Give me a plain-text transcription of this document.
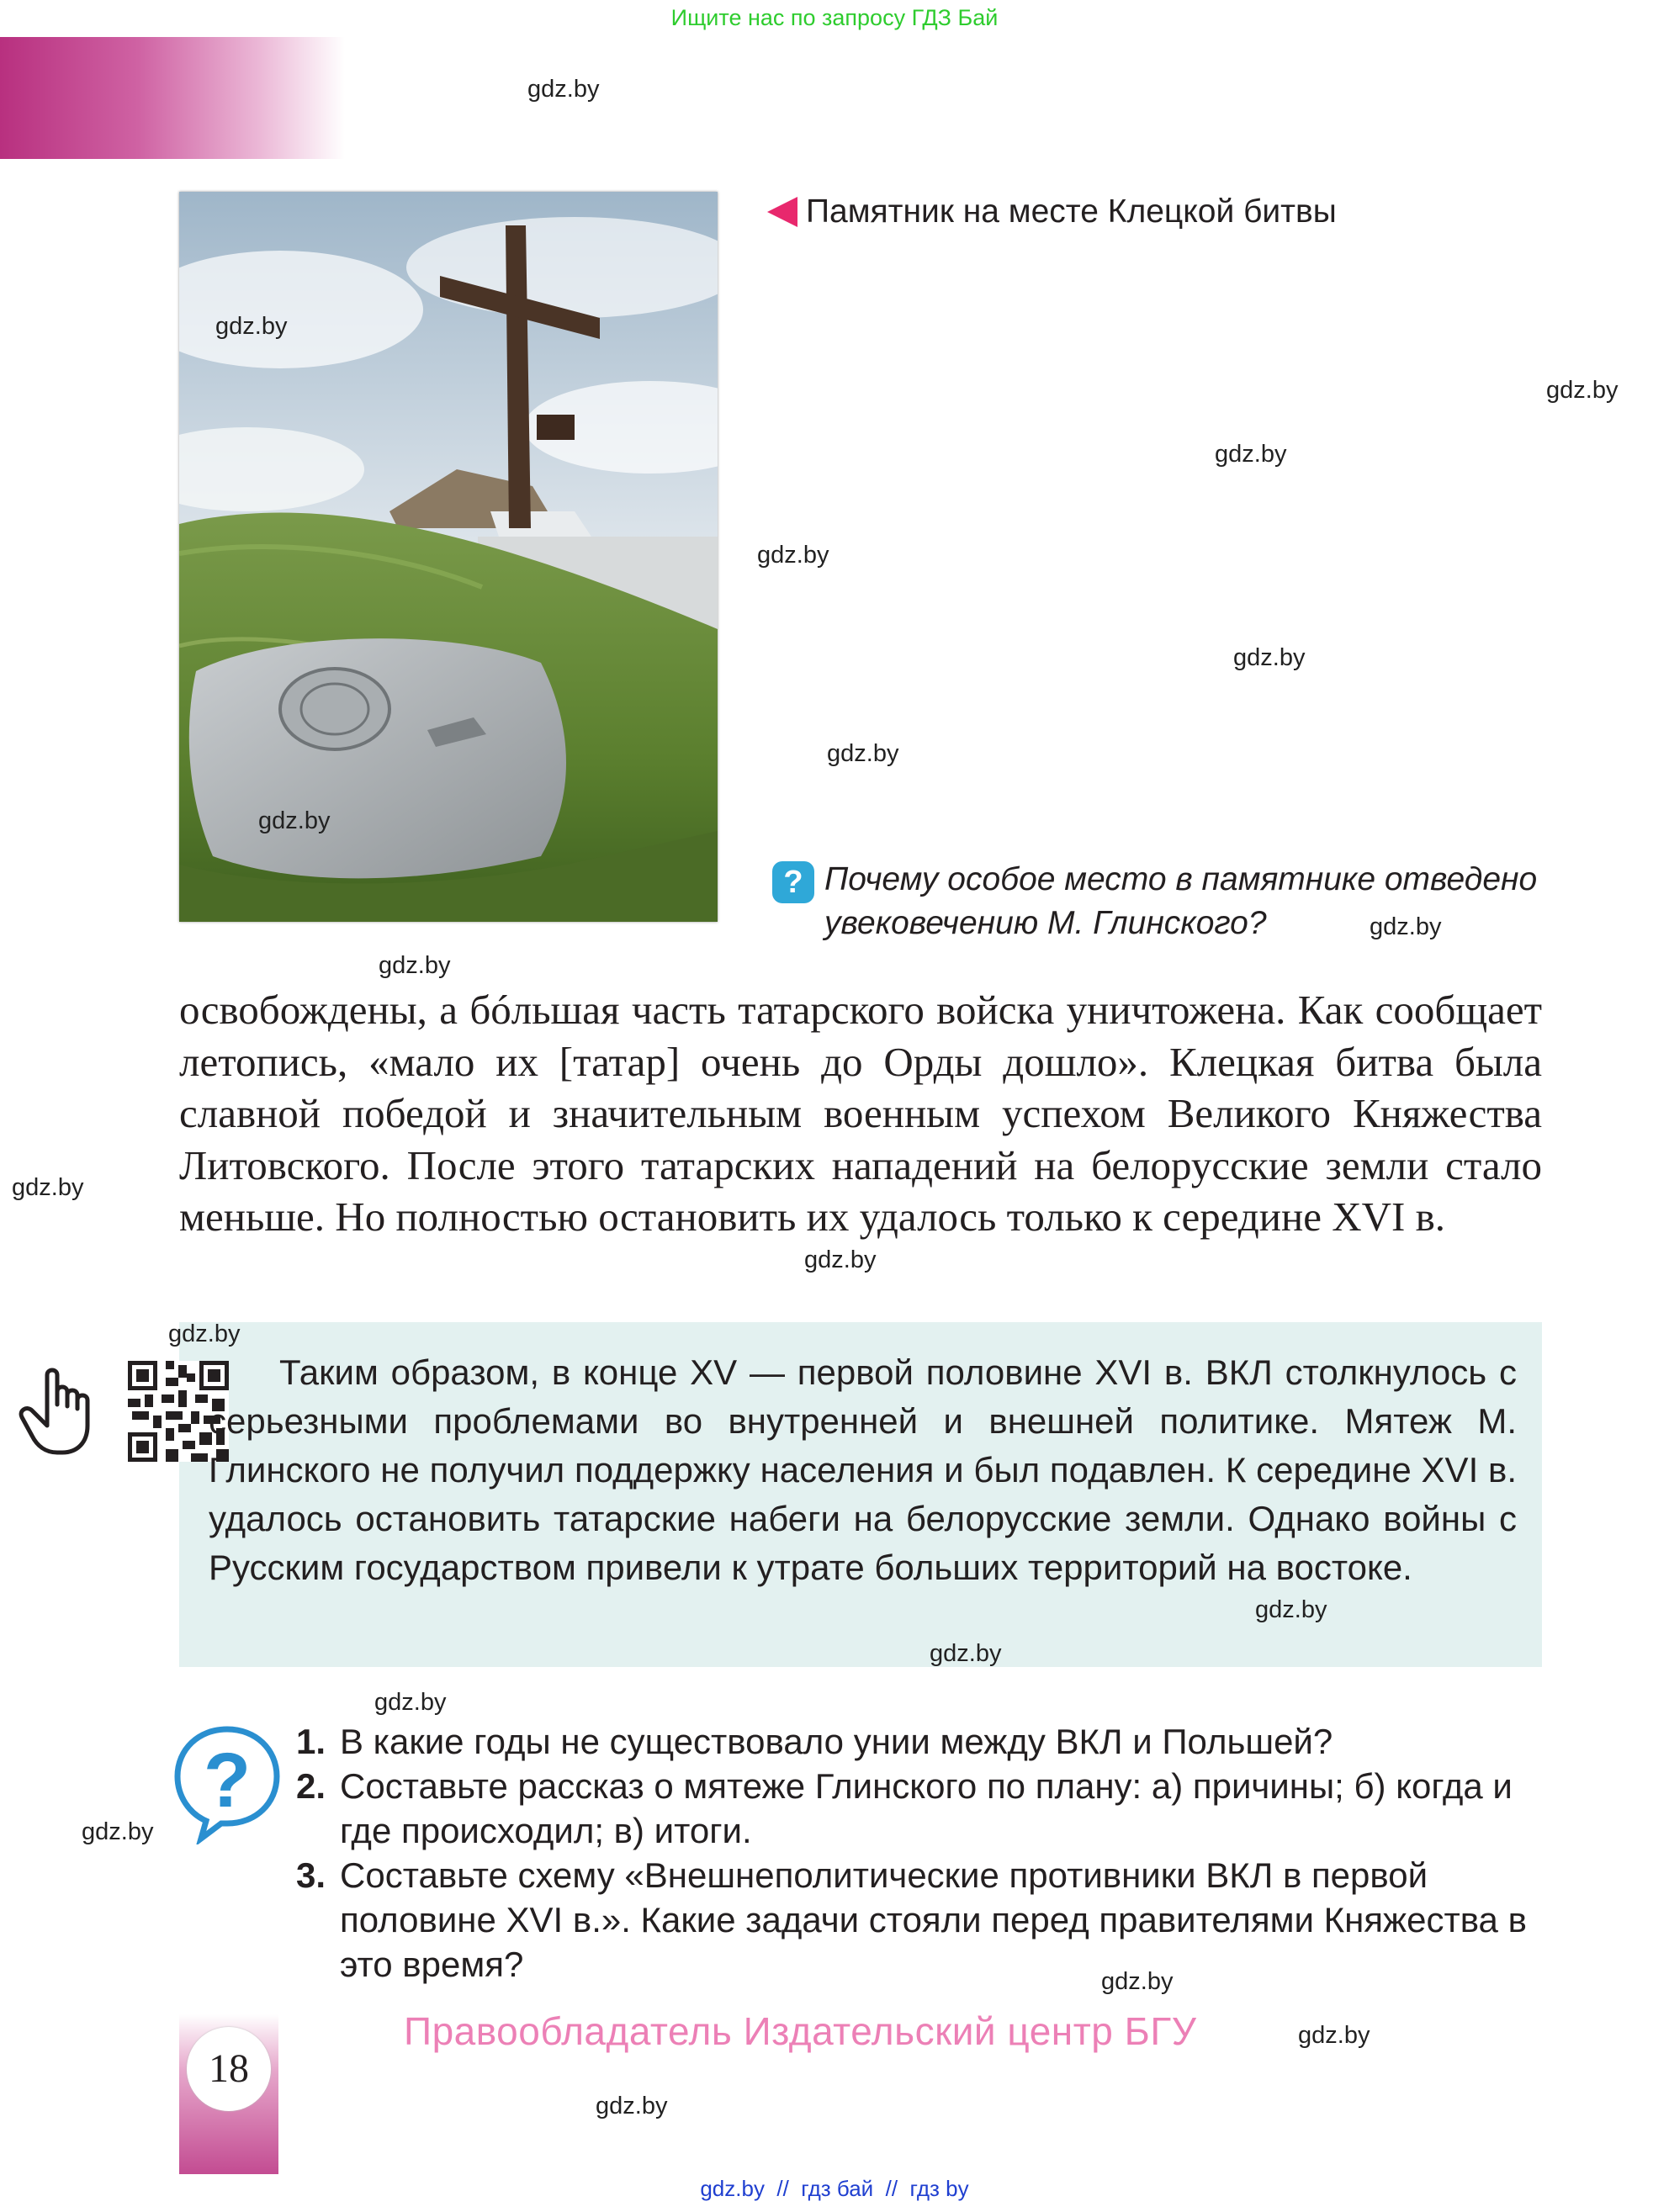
Ищите нас по запросу ГДЗ Бай
Памятник на месте Клецкой битвы
? Почему особое место в памятнике отведено увековечению М. Глинского?

освобождены, а бóльшая часть татарского войска уничтожена. Как сообщает летопись, «мало их [татар] очень до Орды дошло». Клецкая битва была славной победой и значительным военным успехом Великого Княжества Литовского. После этого татарских нападений на белорусские земли стало меньше. Но полностью остановить их удалось только к середине XVI в.

Таким образом, в конце XV — первой половине XVI в. ВКЛ столкнулось с серьезными проблемами во внутренней и внешней политике. Мятеж М. Глинского не получил поддержку населения и был подавлен. К середине XVI в. удалось остановить татарские набеги на белорусские земли. Однако войны с Русским государством привели к утрате больших территорий на востоке.
? 1. В какие годы не существовало унии между ВКЛ и Польшей?

2. Составьте рассказ о мятеже Глинского по плану: а) причины; б) когда и где происходил; в) итоги.

3. Составьте схему «Внешнеполитические противники ВКЛ в первой половине XVI в.». Какие задачи стояли перед правителями Княжества в это время?

18
Правообладатель Издательский центр БГУ
gdz.by  //  гдз бай  //  гдз by
gdz.by
gdz.by
gdz.by
gdz.by
gdz.by
gdz.by
gdz.by
gdz.by
gdz.by
gdz.by
gdz.by
gdz.by
gdz.by
gdz.by
gdz.by
gdz.by
gdz.by
gdz.by
gdz.by
gdz.by
